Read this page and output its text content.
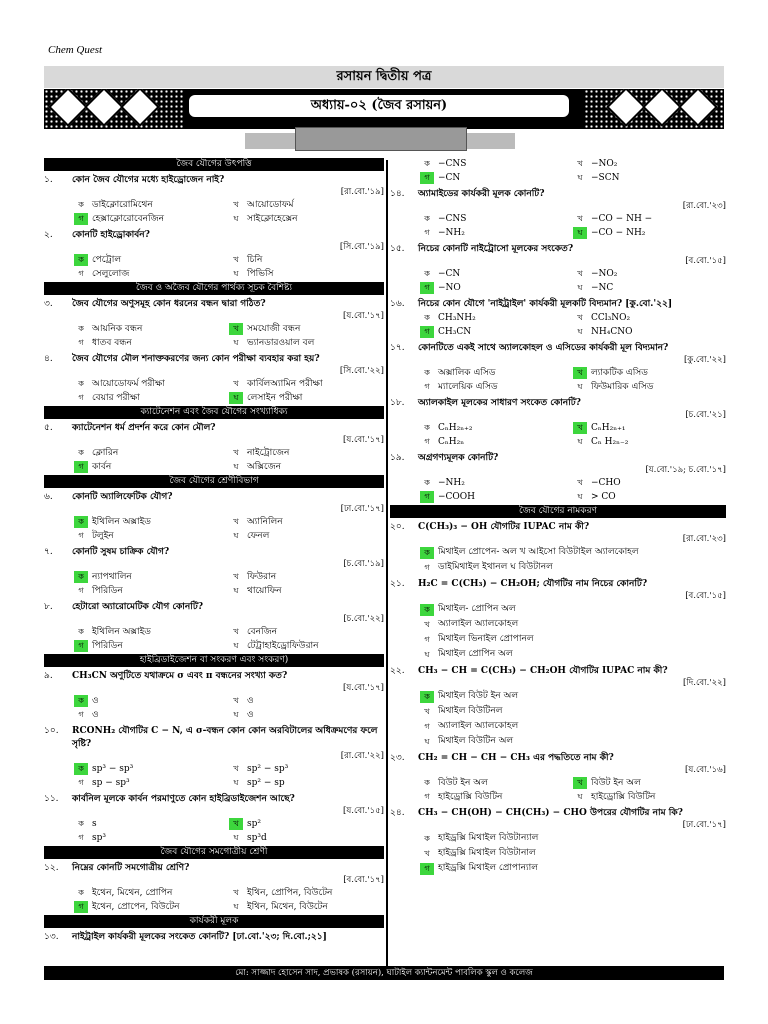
Chem Quest
রসায়ন দ্বিতীয় পত্র
অধ্যায়-০২ (জৈব রসায়ন)
জৈব যৌগের উৎপত্তি
১.	কোন জৈব যৌগের মধ্যে হাইড্রোজেন নাই?
[রা.বো.'১৯]
ক ডাইক্লোরোমিথেন	খ আয়োডোফর্ম
গ হেক্সাক্লোরোবেনজিন	ঘ সাইক্লোহেক্সেন
২.	কোনটি হাইড্রোকার্বন?
[সি.বো.'১৯]
ক পেট্রোল	খ চিনি
গ সেলুলোজ	ঘ পিভিসি
জৈব ও অজৈব যৌগের পার্থক্য সূচক বৈশিষ্ট্য
৩.	জৈব যৌগের অণুসমূহ কোন ধরনের বন্ধন দ্বারা গঠিত?
[য.বো.'১৭]
ক আয়নিক বন্ধন	খ সমযোজী বন্ধন
গ ধাতব বন্ধন	ঘ ভ্যানডারওয়াল বল
৪.	জৈব যৌগের মৌল শনাক্তকরণের জন্য কোন পরীক্ষা ব্যবহার করা হয়?
[সি.বো.'২২]
ক আয়োডোফর্ম পরীক্ষা	খ কার্বিলঅ্যামিন পরীক্ষা
গ বেয়ার পরীক্ষা	ঘ লেসাইন পরীক্ষা
ক্যাটেনেশন এবং জৈব যৌগের সংখ্যাধিক্য
৫.	ক্যাটেনেশন ধর্ম প্রদর্শন করে কোন মৌল?
[য.বো.'১৭]
ক ক্লোরিন	খ নাইট্রোজেন
গ কার্বন	ঘ অক্সিজেন
জৈব যৌগের শ্রেণীবিভাগ
৬.	কোনটি অ্যালিফেটিক যৌগ?
[ঢা.বো.'১৭]
ক ইথিলিন অক্সাইড	খ অ্যানিলিন
গ টলুইন	ঘ ফেনল
৭.	কোনটি সুষম চাক্রিক যৌগ?
[চ.বো.'১৯]
ক ন্যাপথালিন	খ ফিউরান
গ পিরিডিন	ঘ থায়োফিন
৮.	হেটারো অ্যারোমেটিক যৌগ কোনটি?
[চ.বো.'২২]
ক ইথিলিন অক্সাইড	খ বেনজিন
গ পিরিডিন	ঘ টেট্রাহাইড্রোফিউরান
হাইব্রিডাইজেশন বা সংকরণ এবং সংকরণ)
৯.	CH₃CN অণুটিতে যথাক্রমে σ এবং π বন্ধনের সংখ্যা কত?
[য.বো.'১৭]
ক ও	খ ও
গ ও	ঘ ও
১০.	RCONH₂ যৌগটির C − N, এ σ-বন্ধন কোন কোন অরবিটালের অধিক্রমণের ফলে সৃষ্টি?
[রা.বো.'২২]
ক sp³ − sp³	খ sp² − sp³
গ sp − sp³	ঘ sp² − sp
১১.	কার্বনিল মূলকে কার্বন পরমাণুতে কোন হাইব্রিডাইজেশন আছে?
[য.বো.'১৫]
ক s	খ sp²
গ sp³	ঘ sp³d
জৈব যৌগের সমগোত্রীয় শ্রেণী
১২.	নিম্নের কোনটি সমগোত্রীয় শ্রেণি?
[ব.বো.'১৭]
ক ইথেন, মিথেন, প্রোপিন	খ ইথিন, প্রোপিন, বিউটেন
গ ইথেন, প্রোপেন, বিউটেন	ঘ ইথিন, মিথেন, বিউটেন
কার্যকরী মূলক
১৩.	নাইট্রাইল কার্যকরী মূলকের সংকেত কোনটি? [ঢা.বো.'২৩; দি.বো.;২১]
ক −CNS	খ −NO₂
গ −CN	ঘ −SCN
১৪.	অ্যামাইডের কার্যকরী মূলক কোনটি?
[রা.বো.'২৩]
ক −CNS	খ −CO − NH −
গ −NH₂	ঘ −CO − NH₂
১৫.	নিচের কোনটি নাইট্রোসো মূলকের সংকেত?
[ব.বো.'১৫]
ক −CN	খ −NO₂
গ −NO	ঘ −NC
১৬.	নিচের কোন যৌগে 'নাইট্রাইল' কার্যকরী মূলকটি বিদ্যমান? [কু.বো.'২২]
ক CH₃NH₂	খ CCl₃NO₂
গ CH₃CN	ঘ NH₄CNO
১৭.	কোনটিতে একই সাথে অ্যালকোহল ও এসিডের কার্যকরী মূল বিদ্যমান?
[কু.বো.'২২]
ক অক্সালিক এসিড	খ ল্যাকটিক এসিড
গ ম্যালেয়িক এসিড	ঘ ফিউমারিক এসিড
১৮.	অ্যালকাইল মূলকের সাধারণ সংকেত কোনটি?
[চ.বো.'২১]
ক CₙH₂ₙ₊₂	খ CₙH₂ₙ₊₁
গ CₙH₂ₙ	ঘ Cₙ H₂ₙ₋₂
১৯.	অগ্রগণ্যমূলক কোনটি?
[য.বো.'১৯; চ.বো.'১৭]
ক −NH₂	খ −CHO
গ −COOH	ঘ > CO
জৈব যৌগের নামকরণ
২০.	C(CH₃)₃ − OH যৌগটির IUPAC নাম কী?
[রা.বো.'২৩]
ক মিথাইল প্রোপেন- অল খ আইসো বিউটাইল অ্যালকোহল
গ ডাইমিথাইল ইথানল ঘ বিউটানল
২১.	H₂C = C(CH₃) − CH₂OH; যৌগটির নাম নিচের কোনটি?
[ব.বো.'১৫]
ক মিথাইল- প্রোপিন অল
খ অ্যালাইল অ্যালকোহল
গ মিথাইল ভিনাইল প্রোপানল
ঘ মিথাইল প্রোপিন অল
২২.	CH₃ − CH = C(CH₃) − CH₂OH যৌগটির IUPAC নাম কী?
[দি.বো.'২২]
ক মিথাইল বিউট ইন অল
খ মিথাইল বিউটিনল
গ অ্যালাইল অ্যালকোহল
ঘ মিথাইল বিউটিন অল
২৩.	CH₂ = CH − CH − CH₃ এর পদ্ধতিতে নাম কী?
[য.বো.'১৬]
ক বিউট ইন অল	খ বিউট ইন অল
গ হাইড্রোক্সি বিউটিন	ঘ হাইড্রোক্সি বিউটিন
২৪.	CH₃ − CH(OH) − CH(CH₃) − CHO উপরের যৌগটির নাম কি?
[ঢা.বো.'১৭]
ক হাইড্রক্সি মিথাইল বিউটান্যাল
খ হাইড্রক্সি মিথাইল বিউটানাল
গ হাইড্রক্সি মিথাইল প্রোপান্যাল
মো: সাজ্জাদ হোসেন সাদ, প্রভাষক (রসায়ন), ঘাটাইল ক্যান্টনমেন্ট পাবলিক স্কুল ও কলেজ
